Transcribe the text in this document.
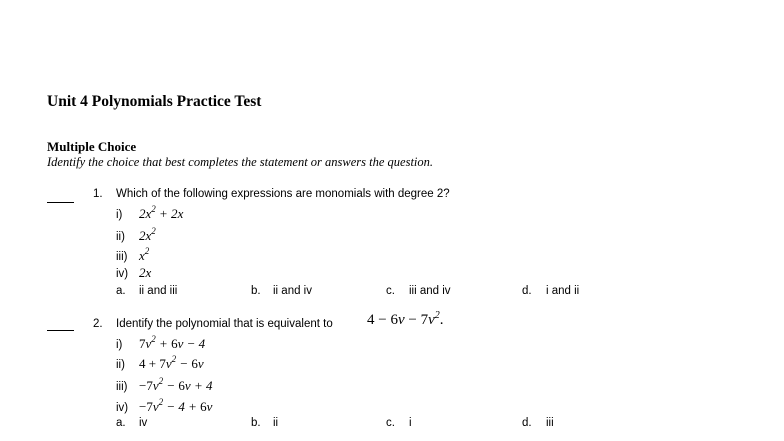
Unit 4 Polynomials Practice Test
Multiple Choice
Identify the choice that best completes the statement or answers the question.
1. Which of the following expressions are monomials with degree 2?
i) $2x^2 + 2x$
ii) $2x^2$
iii) $x^2$
iv) 2x
a. ii and iii	b. ii and iv	c. iii and iv	d. i and ii
2. Identify the polynomial that is equivalent to $4 - 6v - 7v^2$.
i) $7v^2 + 6v - 4$
ii) $4 + 7v^2 - 6v$
$iii) -7v^2 - 6v + 4$
$iv) -7v^2 - 4 + 6v$
a. iv	b. ii	c. i	d. iii
